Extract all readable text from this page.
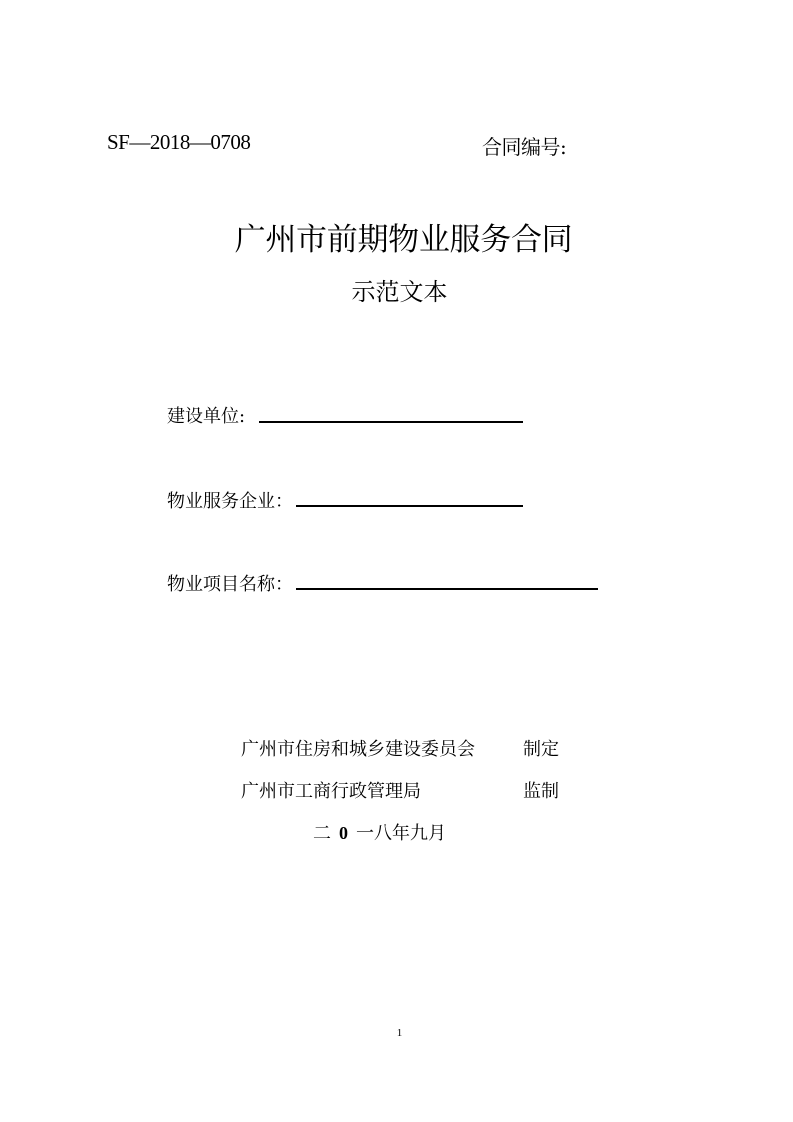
SF—2018—0708	合同编号:
广州市前期物业服务合同
示范文本
建设单位:
物业服务企业：
物业项目名称：
广州市住房和城乡建设委员会	制定
广州市工商行政管理局	监制
二 0 一八年九月
1
